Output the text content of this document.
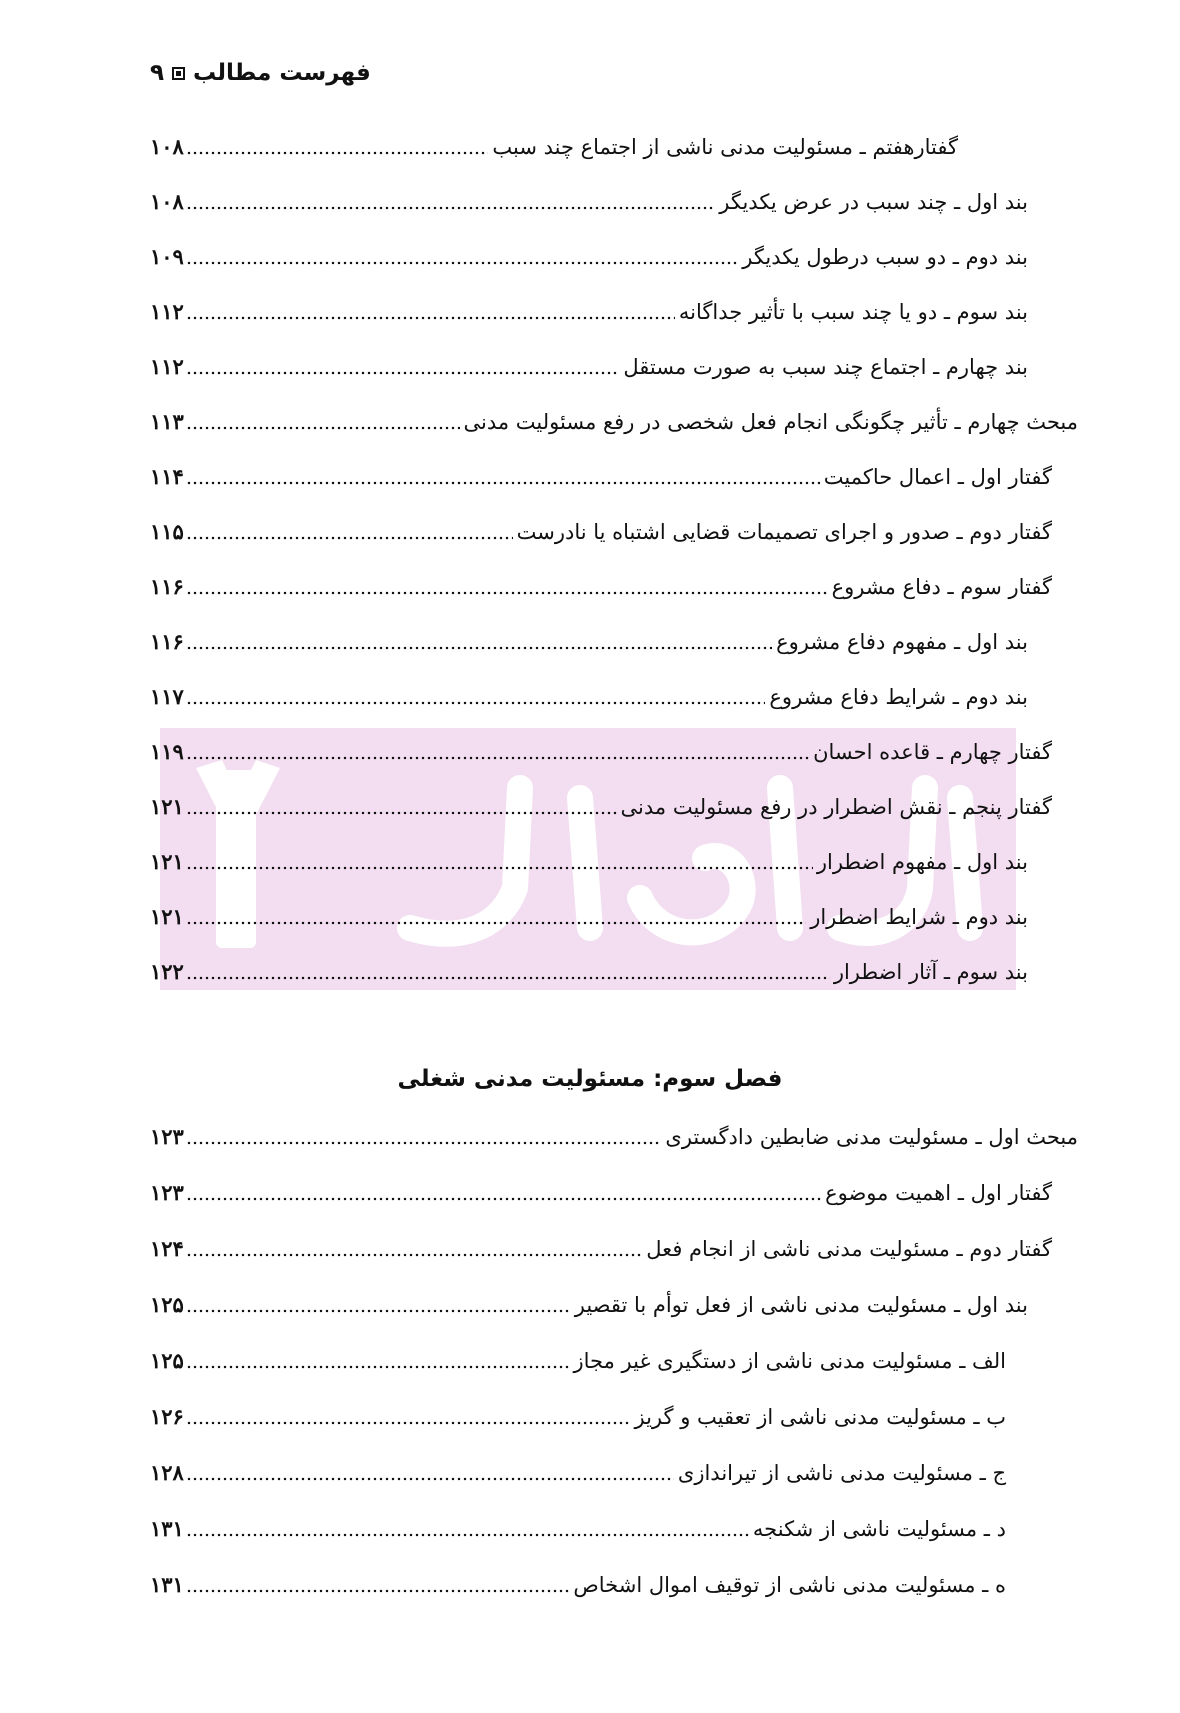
فهرست مطالب
۹
گفتارهفتم ـ مسئولیت مدنی ناشی از اجتماع چند سبب
۱۰۸
بند اول ـ چند سبب در عرض یکدیگر
۱۰۸
بند دوم ـ دو سبب درطول یکدیگر
۱۰۹
بند سوم ـ دو یا چند سبب با تأثیر جداگانه
۱۱۲
بند چهارم ـ اجتماع چند سبب به صورت مستقل
۱۱۲
مبحث چهارم ـ تأثیر چگونگی انجام فعل شخصی در رفع مسئولیت مدنی
۱۱۳
گفتار اول ـ اعمال حاکمیت
۱۱۴
گفتار دوم ـ صدور و اجرای تصمیمات قضایی اشتباه یا نادرست
۱۱۵
گفتار سوم ـ دفاع مشروع
۱۱۶
بند اول ـ مفهوم دفاع مشروع
۱۱۶
بند دوم ـ شرایط دفاع مشروع
۱۱۷
گفتار چهارم ـ قاعده احسان
۱۱۹
گفتار پنجم ـ نقش اضطرار در رفع مسئولیت مدنی
۱۲۱
بند اول ـ مفهوم اضطرار
۱۲۱
بند دوم ـ شرایط اضطرار
۱۲۱
بند سوم ـ آثار اضطرار
۱۲۲
فصل سوم: مسئولیت مدنی شغلی
مبحث اول ـ مسئولیت مدنی ضابطین دادگستری
۱۲۳
گفتار اول ـ اهمیت موضوع
۱۲۳
گفتار دوم ـ مسئولیت مدنی ناشی از انجام فعل
۱۲۴
بند اول ـ مسئولیت مدنی ناشی از فعل توأم با تقصیر
۱۲۵
الف ـ مسئولیت مدنی ناشی از دستگیری غیر مجاز
۱۲۵
ب ـ مسئولیت مدنی ناشی از تعقیب و گریز
۱۲۶
ج ـ مسئولیت مدنی ناشی از تیراندازی
۱۲۸
د ـ مسئولیت ناشی از شکنجه
۱۳۱
ه ـ مسئولیت مدنی ناشی از توقیف اموال اشخاص
۱۳۱
